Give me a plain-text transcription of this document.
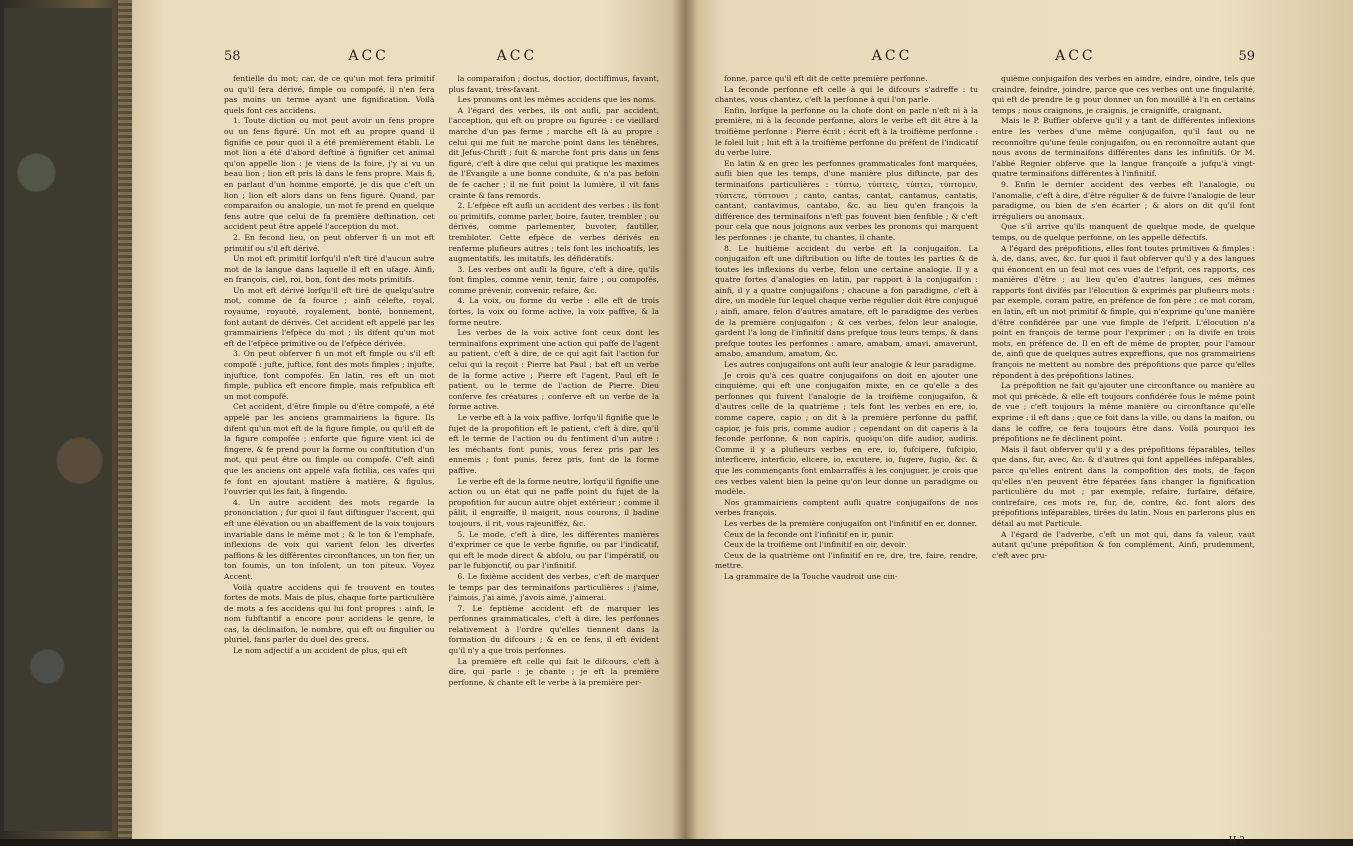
58	ACC	ACC

fentielle du mot; car, de ce qu'un mot fera primitif ou qu'il fera dérivé, fimple ou compofé, il n'en fera pas moins un terme ayant une fignification. Voilà quels font ces accidens.

1. Toute diction ou mot peut avoir un fens propre ou un fens figuré. Un mot eft au propre quand il fignifie ce pour quoi il a été premièrement établi. Le mot lion a été d'abord deftiné à fignifier cet animal qu'on appelle lion : je viens de la foire, j'y ai vu un beau lion ; lion eft pris là dans le fens propre. Mais fi, en parlant d'un homme emporté, je dis que c'eft un lion ; lion eft alors dans un fens figuré. Quand, par comparaifon ou analogie, un mot fe prend en quelque fens autre que celui de fa première deftination, cet accident peut être appelé l'acception du mot.

2. En fecond lieu, on peut obferver fi un mot eft primitif ou s'il eft dérivé.

Un mot eft primitif lorfqu'il n'eft tiré d'aucun autre mot de la langue dans laquelle il eft en ufage. Ainfi, en françois, ciel, roi, bon, font des mots primitifs.

Un mot eft dérivé lorfqu'il eft tiré de quelqu'autre mot, comme de fa fource ; ainfi célefte, royal, royaume, royauté, royalement, bonté, bonnement, font autant de dérivés. Cet accident eft appelé par les grammairiens l'efpèce du mot ; ils difent qu'un mot eft de l'efpèce primitive ou de l'efpèce dérivée.

3. On peut obferver fi un mot eft fimple ou s'il eft compofé : jufte, juftice, font des mots fimples ; injufte, injuftice, font compofés. En latin, res eft un mot fimple, publica eft encore fimple, mais refpublica eft un mot compofé.

Cet accident, d'être fimple ou d'être compofé, a été appelé par les anciens grammairiens la figure. Ils difent qu'un mot eft de la figure fimple, ou qu'il eft de la figure compofée ; enforte que figure vient ici de fingere, & fe prend pour la forme ou conftitution d'un mot, qui peut être ou fimple ou compofé. C'eft ainfi que les anciens ont appelé vafa fictilia, ces vafes qui fe font en ajoutant matière à matière, & figulus, l'ouvrier qui les fait, à fingendo.

4. Un autre accident des mots regarde la prononciation ; fur quoi il faut diftinguer l'accent, qui eft une élévation ou un abaiffement de la voix toujours invariable dans le même mot ; & le ton & l'emphafe, inflexions de voix qui varient felon les diverfes paffions & les différentes circonftances, un ton fier, un ton foumis, un ton infolent, un ton piteux. Voyez Accent.

Voilà quatre accidens qui fe trouvent en toutes fortes de mots. Mais de plus, chaque forte particulière de mots a fes accidens qui lui font propres : ainfi, le nom fubftantif a encore pour accidens le genre, le cas, la déclinaifon, le nombre, qui eft ou fingulier ou pluriel, fans parler du duel des grecs.

Le nom adjectif a un accident de plus, qui eft

la comparaifon ; doctus, doctior, doctiffimus, favant, plus favant, très-favant.

Les pronoms ont les mêmes accidens que les noms.

A l'égard des verbes, ils ont aufli, par accident, l'acception, qui eft ou propre ou figurée : ce vieillard marche d'un pas ferme ; marche eft là au propre : celui qui me fuit ne marche point dans les ténèbres, dit Jefus-Chrift ; fuit & marche font pris dans un fens figuré, c'eft à dire que celui qui pratique les maximes de l'Evangile a une bonne conduite, & n'a pas befoin de fe cacher ; il ne fuit point la lumière, il vit fans crainte & fans remords.

2. L'efpèce eft aufli un accident des verbes : ils font ou primitifs, comme parler, boire, fauter, trembler ; ou dérivés, comme parlementer, buvoter, fautiller, trembloter. Cette efpèce de verbes dérivés en renferme plufieurs autres ; tels font les inchoatifs, les augmentatifs, les imitatifs, les défidératifs.

3. Les verbes ont aufli la figure, c'eft à dire, qu'ils font fimples, comme venir, tenir, faire ; ou compofés, comme prévenir, convenir, refaire, &c.

4. La voix, ou forme du verbe : elle eft de trois fortes, la voix ou forme active, la voix paffive, & la forme neutre.

Les verbes de la voix active font ceux dont les terminaifons expriment une action qui paffe de l'agent au patient, c'eft à dire, de ce qui agit fait l'action fur celui qui la reçoit : Pierre bat Paul ; bat eft un verbe de la forme active ; Pierre eft l'agent, Paul eft le patient, ou le terme de l'action de Pierre. Dieu conferve fes créatures ; conferve eft un verbe de la forme active.

Le verbe eft à la voix paffive, lorfqu'il fignifie que le fujet de la propofition eft le patient, c'eft à dire, qu'il eft le terme de l'action ou du fentiment d'un autre : les méchants font punis, vous ferez pris par les ennemis ; font punis, ferez pris, font de la forme paffive.

Le verbe eft de la forme neutre, lorfqu'il fignifie une action ou un état qui ne paffe point du fujet de la propofition fur aucun autre objet extérieur ; comme il pâlit, il engraiffe, il maigrit, nous courons, il badine toujours, il rit, vous rajeunifféz, &c.

5. Le mode, c'eft à dire, les différentes manières d'exprimer ce que le verbe fignifie, ou par l'indicatif, qui eft le mode direct & abfolu, ou par l'impératif, ou par le fubjonctif, ou par l'infinitif.

6. Le fixième accident des verbes, c'eft de marquer le temps par des terminaifons particulières : j'aime, j'aimois, j'ai aimé, j'avois aimé, j'aimerai.

7. Le feptième accident eft de marquer les perfonnes grammaticales, c'eft à dire, les perfonnes relativement à l'ordre qu'elles tiennent dans la formation du difcours ; & en ce fens, il eft évident qu'il n'y a que trois perfonnes.

La première eft celle qui fait le difcours, c'eft à dire, qui parle : je chante ; je eft la première perfonne, & chante eft le verbe à la première per-

ACC	ACC	59

fonne, parce qu'il eft dit de cette première perfonne.

La feconde perfonne eft celle à qui le difcours s'adreffe : tu chantes, vous chantez, c'eft la perfonne à qui l'on parle.

Enfin, lorfque la perfonne ou la chofe dont on parle n'eft ni à la première, ni à la feconde perfonne, alors le verbe eft dit être à la troifième perfonne : Pierre écrit ; écrit eft à la troifième perfonne : le foleil luit ; luit eft à la troifième perfonne du préfent de l'indicatif du verbe luire.

En latin & en grec les perfonnes grammaticales font marquées, aufli bien que les temps, d'une manière plus diftincte, par des terminaifons particulières : τύπτω, τύπτεις, τύπτει, τύπτομεν, τύπτετε, τύπτουσι ; canto, cantas, cantat, cantamus, cantatis, cantant, cantavimus, cantabo, &c. au lieu qu'en françois la différence des terminaifons n'eft pas fouvent bien fenfible ; & c'eft pour cela que nous joignons aux verbes les pronoms qui marquent les perfonnes : je chante, tu chantes, il chante.

8. Le huitième accident du verbe eft la conjugaifon. La conjugaifon eft une diftribution ou lifte de toutes les parties & de toutes les inflexions du verbe, felon une certaine analogie. Il y a quatre fortes d'analogies en latin, par rapport à la conjugaifon : ainfi, il y a quatre conjugaifons ; chacune a fon paradigme, c'eft à dire, un modèle fur lequel chaque verbe régulier doit être conjugué ; ainfi, amare, felon d'autres amatare, eft le paradigme des verbes de la première conjugaifon ; & ces verbes, felon leur analogie, gardent l'a long de l'infinitif dans prefque tous leurs temps, & dans prefque toutes les perfonnes : amare, amabam, amavi, amaverunt, amabo, amandum, amatum, &c.

Les autres conjugaifons ont aufli leur analogie & leur paradigme.

Je crois qu'à ces quatre conjugaifons on doit en ajouter une cinquième, qui eft une conjugaifon mixte, en ce qu'elle a des perfonnes qui fuivent l'analogie de la troifième conjugaifon, & d'autres celle de la quatrième ; tels font les verbes en ere, io, comme capere, capio ; on dit à la première perfonne du paffif, capior, je fuis pris, comme audior ; cependant on dit caperis à la feconde perfonne, & non capiris, quoiqu'on dife audior, audiris. Comme il y a plufieurs verbes en ere, io, fufcipere, fufcipio, interficere, interficio, elicere, io, excutere, io, fugere, fugio, &c. & que les commençants font embarraffés à les conjuguer, je crois que ces verbes valent bien la peine qu'on leur donne un paradigme ou modèle.

Nos grammairiens comptent aufli quatre conjugaifons de nos verbes françois.

Les verbes de la première conjugaifon ont l'infinitif en er, donner.

Ceux de la feconde ont l'infinitif en ir, punir.

Ceux de la troifième ont l'infinitif en oir, devoir.

Ceux de la quatrième ont l'infinitif en re, dre, tre, faire, rendre, mettre.

La grammaire de la Touche vaudroit une cin-

quième conjugaifon des verbes en aindre, eindre, oindre, tels que craindre, feindre, joindre, parce que ces verbes ont une fingularité, qui eft de prendre le g pour donner un fon mouillé à l'n en certains temps ; nous craignons, je craignis, je craigniffe, craignant.

Mais le P. Buffier obferve qu'il y a tant de différentes inflexions entre les verbes d'une même conjugaifon, qu'il faut ou ne reconnoître qu'une feule conjugaifon, ou en reconnoître autant que nous avons de terminaifons différentes dans les infinitifs. Or M. l'abbé Regnier obferve que la langue françoife a jufqu'à vingt-quatre terminaifons différentes à l'infinitif.

9. Enfin le dernier accident des verbes eft l'analogie, ou l'anomalie, c'eft à dire, d'être régulier & de fuivre l'analogie de leur paradigme, ou bien de s'en écarter ; & alors on dit qu'il font irréguliers ou anomaux.

Que s'il arrive qu'ils manquent de quelque mode, de quelque temps, ou de quelque perfonne, on les appelle défectifs.

A l'égard des prépofitions, elles font toutes primitives & fimples : à, de, dans, avec, &c. fur quoi il faut obferver qu'il y a des langues qui énoncent en un feul mot ces vues de l'efprit, ces rapports, ces manières d'être ; au lieu qu'en d'autres langues, ces mêmes rapports font divifés par l'élocution & exprimés par plufieurs mots : par exemple, coram patre, en préfence de fon père ; ce mot coram, en latin, eft un mot primitif & fimple, qui n'exprime qu'une manière d'être confidérée par une vue fimple de l'efprit. L'élocution n'a point en françois de terme pour l'exprimer ; on la divife en trois mots, en préfence de. Il en eft de même de propter, pour l'amour de, ainfi que de quelques autres expreffions, que nos grammairiens françois ne mettent au nombre des prépofitions que parce qu'elles répondent à des prépofitions latines.

La prépofition ne fait qu'ajouter une circonftance ou manière au mot qui précède, & elle eft toujours confidérée fous le même point de vue ; c'eft toujours la même manière ou circonftance qu'elle exprime : il eft dans ; que ce foit dans la ville, ou dans la maifon, ou dans le coffre, ce fera toujours être dans. Voilà pourquoi les prépofitions ne fe déclinent point.

Mais il faut obferver qu'il y a des prépofitions féparables, telles que dans, fur, avec, &c. & d'autres qui font appellées inféparables, parce qu'elles entrent dans la compofition des mots, de façon qu'elles n'en peuvent être féparées fans changer la fignification particulière du mot ; par exemple, refaire, furfaire, défaire, contrefaire, ces mots re, fur, de, contre, &c. font alors des prépofitions inféparables, tirées du latin. Nous en parlerons plus en détail au mot Particule.

A l'égard de l'adverbe, c'eft un mot qui, dans fa valeur, vaut autant qu'une prépofition & fon complément. Ainfi, prudemment, c'eft avec pru-

H 2
